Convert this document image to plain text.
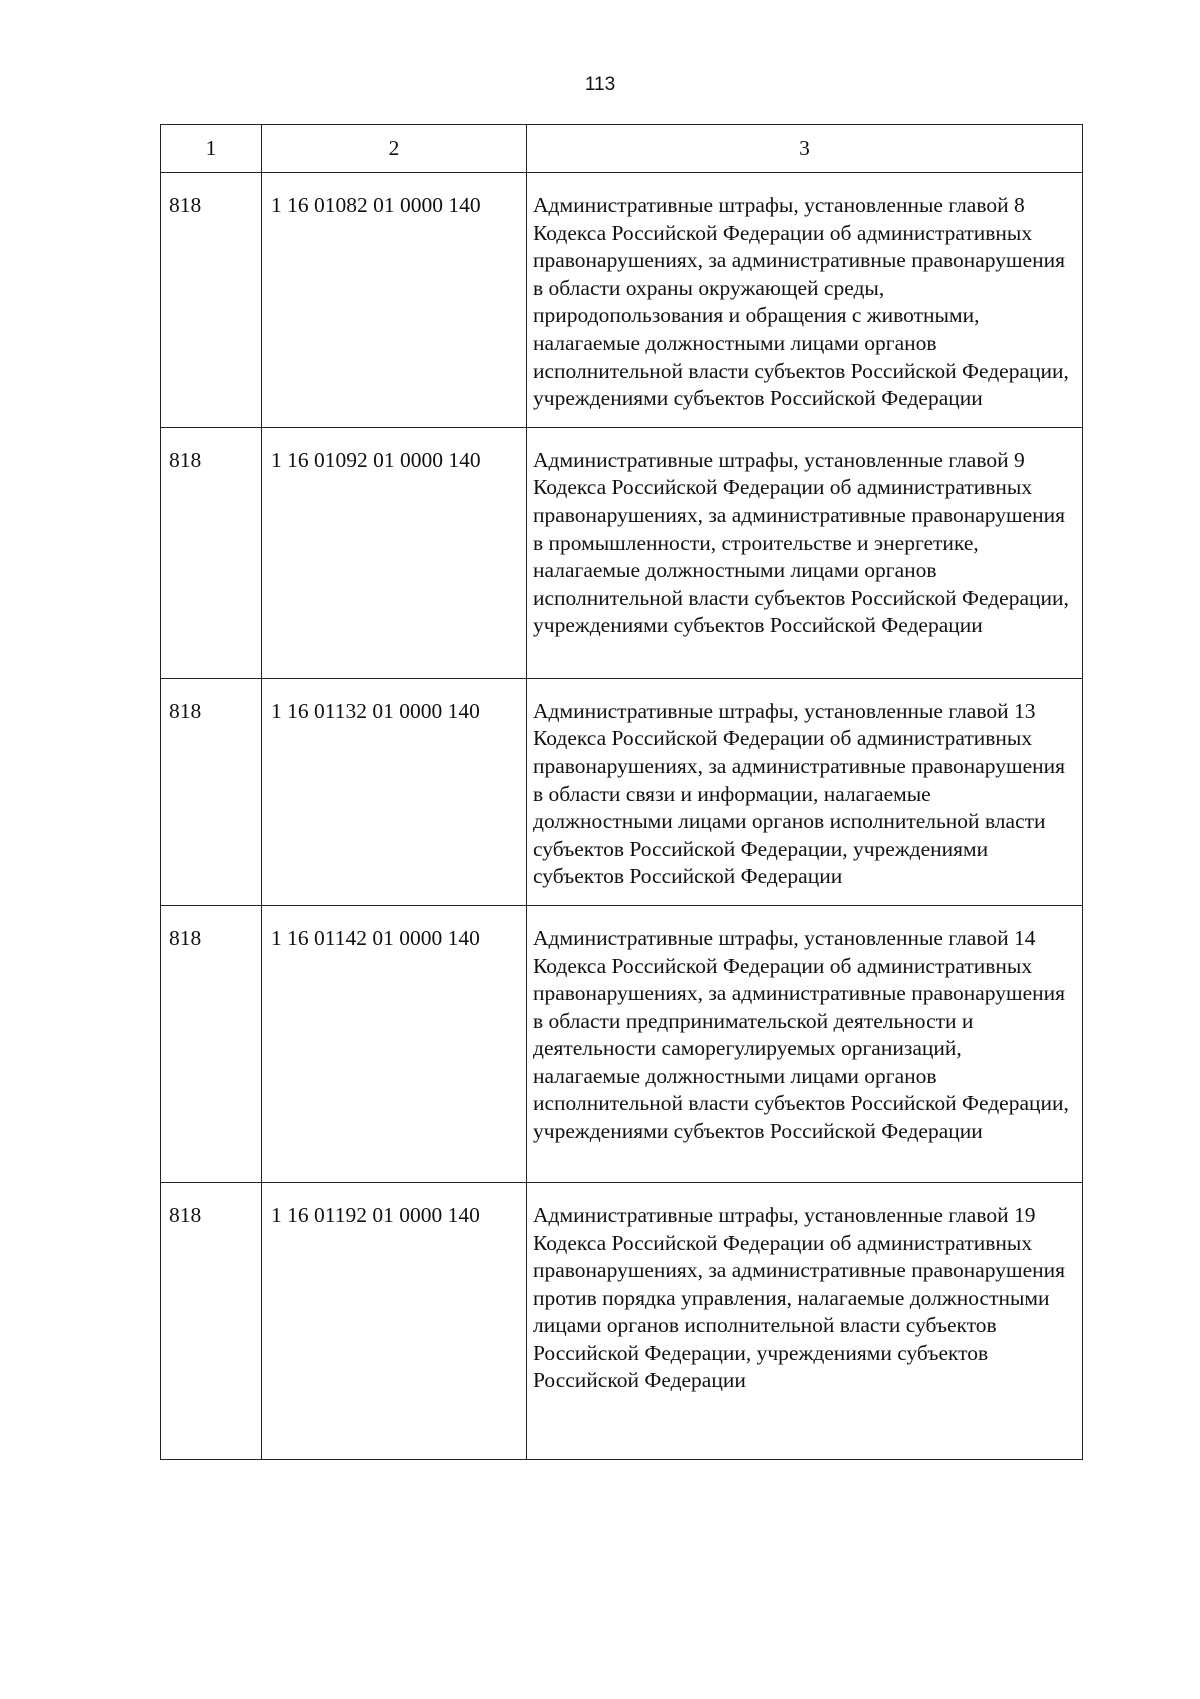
113
1	2	3
818	1 16 01082 01 0000 140	Административные штрафы, установленные главой 8 Кодекса Российской Федерации об административных правонарушениях, за административные правонарушения в области охраны окружающей среды, природопользования и обращения с животными, налагаемые должностными лицами органов исполнительной власти субъектов Российской Федерации, учреждениями субъектов Российской Федерации
818	1 16 01092 01 0000 140	Административные штрафы, установленные главой 9 Кодекса Российской Федерации об административных правонарушениях, за административные правонарушения в промышленности, строительстве и энергетике, налагаемые должностными лицами органов исполнительной власти субъектов Российской Федерации, учреждениями субъектов Российской Федерации
818	1 16 01132 01 0000 140	Административные штрафы, установленные главой 13 Кодекса Российской Федерации об административных правонарушениях, за административные правонарушения в области связи и информации, налагаемые должностными лицами органов исполнительной власти субъектов Российской Федерации, учреждениями субъектов Российской Федерации
818	1 16 01142 01 0000 140	Административные штрафы, установленные главой 14 Кодекса Российской Федерации об административных правонарушениях, за административные правонарушения в области предпринимательской деятельности и деятельности саморегулируемых организаций, налагаемые должностными лицами органов исполнительной власти субъектов Российской Федерации, учреждениями субъектов Российской Федерации
818	1 16 01192 01 0000 140	Административные штрафы, установленные главой 19 Кодекса Российской Федерации об административных правонарушениях, за административные правонарушения против порядка управления, налагаемые должностными лицами органов исполнительной власти субъектов Российской Федерации, учреждениями субъектов Российской Федерации
